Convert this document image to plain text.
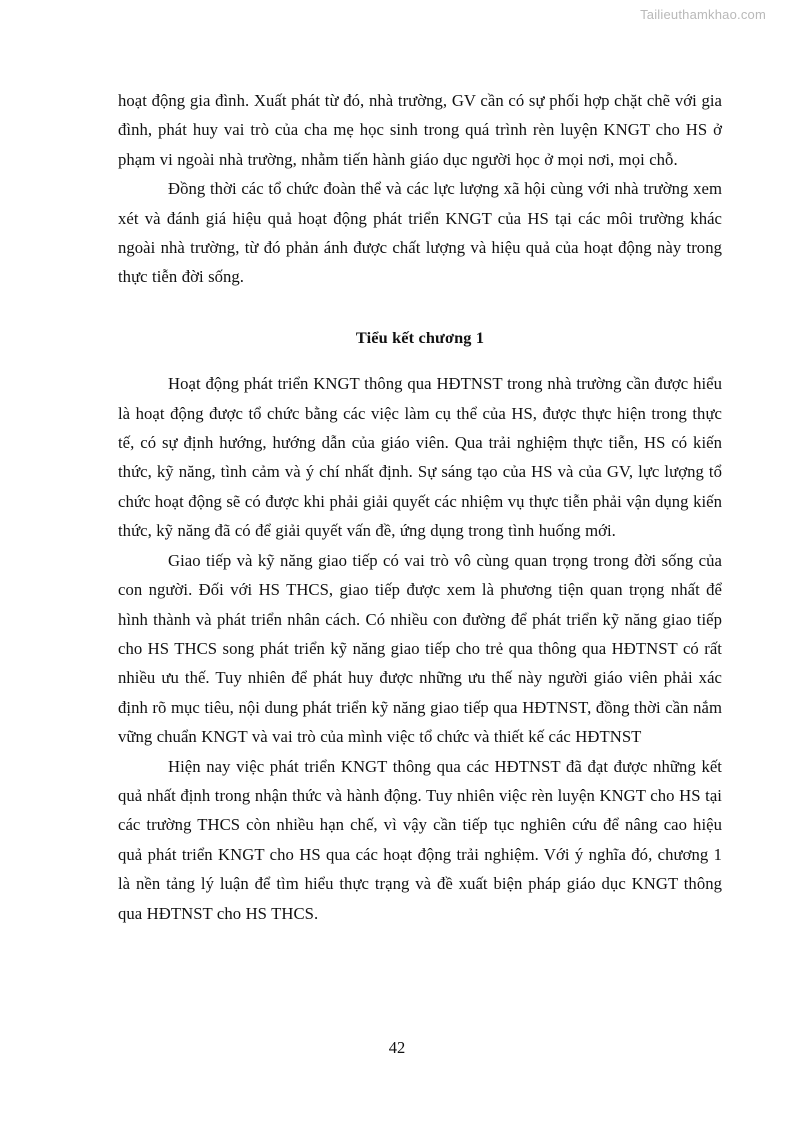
Tailieuthamkhao.com

hoạt động gia đình. Xuất phát từ đó, nhà trường, GV cần có sự phối hợp chặt chẽ với gia đình, phát huy vai trò của cha mẹ học sinh trong quá trình rèn luyện KNGT cho HS ở phạm vi ngoài nhà trường, nhằm tiến hành giáo dục người học ở mọi nơi, mọi chỗ.

Đồng thời các tổ chức đoàn thể và các lực lượng xã hội cùng với nhà trường xem xét và đánh giá hiệu quả hoạt động phát triển KNGT của HS tại các môi trường khác ngoài nhà trường, từ đó phản ánh được chất lượng và hiệu quả của hoạt động này trong thực tiễn đời sống.

Tiểu kết chương 1

Hoạt động phát triển KNGT thông qua HĐTNST trong nhà trường cần được hiểu là hoạt động được tổ chức bằng các việc làm cụ thể của HS, được thực hiện trong thực tế, có sự định hướng, hướng dẫn của giáo viên. Qua trải nghiệm thực tiễn, HS có kiến thức, kỹ năng, tình cảm và ý chí nhất định. Sự sáng tạo của HS và của GV, lực lượng tổ chức hoạt động sẽ có được khi phải giải quyết các nhiệm vụ thực tiễn phải vận dụng kiến thức, kỹ năng đã có để giải quyết vấn đề, ứng dụng trong tình huống mới.

Giao tiếp và kỹ năng giao tiếp có vai trò vô cùng quan trọng trong đời sống của con người. Đối với HS THCS, giao tiếp được xem là phương tiện quan trọng nhất để hình thành và phát triển nhân cách. Có nhiều con đường để phát triển kỹ năng giao tiếp cho HS THCS song phát triển kỹ năng giao tiếp cho trẻ qua thông qua HĐTNST có rất nhiều ưu thế. Tuy nhiên để phát huy được những ưu thế này người giáo viên phải xác định rõ mục tiêu, nội dung phát triển kỹ năng giao tiếp qua HĐTNST, đồng thời cần nắm vững chuẩn KNGT và vai trò của mình việc tổ chức và thiết kế các HĐTNST

Hiện nay việc phát triển KNGT thông qua các HĐTNST đã đạt được những kết quả nhất định trong nhận thức và hành động. Tuy nhiên việc rèn luyện KNGT cho HS tại các trường THCS còn nhiều hạn chế, vì vậy cần tiếp tục nghiên cứu để nâng cao hiệu quả phát triển KNGT cho HS qua các hoạt động trải nghiệm. Với ý nghĩa đó, chương 1 là nền tảng lý luận để tìm hiểu thực trạng và đề xuất biện pháp giáo dục KNGT thông qua HĐTNST cho HS THCS.

42
